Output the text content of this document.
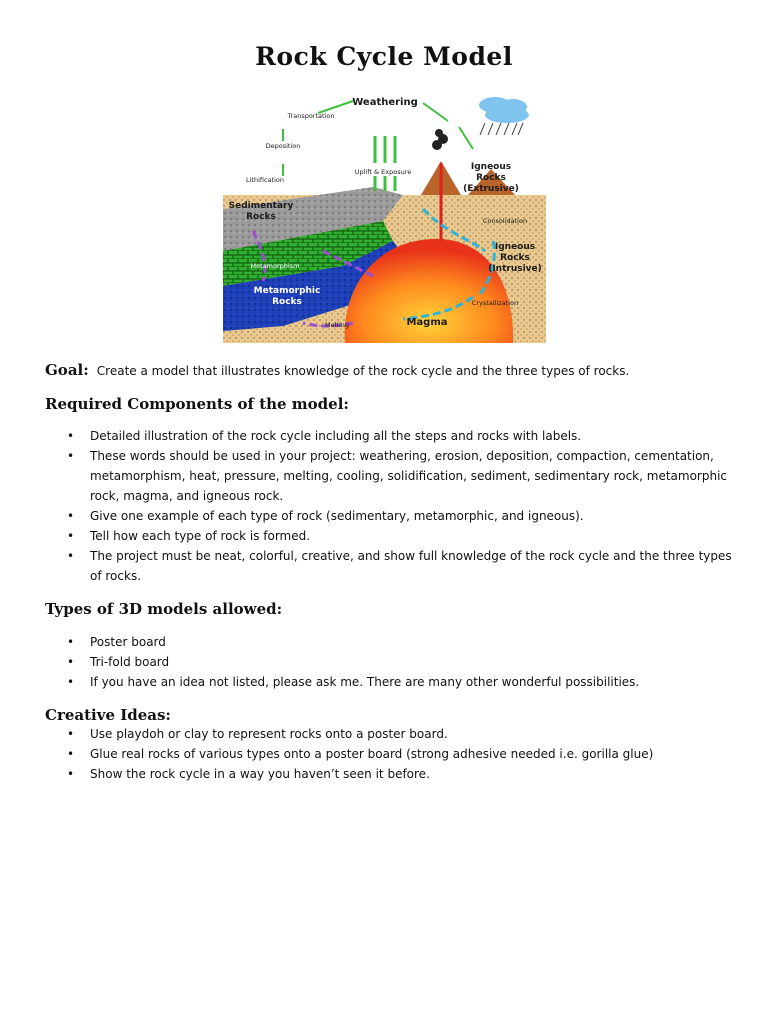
Rock Cycle Model
Weathering
Transportation
Deposition
Lithification
Uplift & Exposure	Igneous
Rocks
(Extrusive)
Sedimentary
Rocks	Consolidation
Metamorphism
Igneous
Rocks
(Intrusive)
Metamorphic
Rocks	Crystallization
Melting	Magma
Goal: Create a model that illustrates knowledge of the rock cycle and the three types of rocks.
Required Components of the model:
• Detailed illustration of the rock cycle including all the steps and rocks with labels.
• These words should be used in your project: weathering, erosion, deposition, compaction, cementation, metamorphism, heat, pressure, melting, cooling, solidification, sediment, sedimentary rock, metamorphic rock, magma, and igneous rock.
• Give one example of each type of rock (sedimentary, metamorphic, and igneous).
• Tell how each type of rock is formed.
• The project must be neat, colorful, creative, and show full knowledge of the rock cycle and the three types of rocks.
Types of 3D models allowed:
• Poster board
• Tri-fold board
• If you have an idea not listed, please ask me. There are many other wonderful possibilities.
Creative Ideas:
• Use playdoh or clay to represent rocks onto a poster board.
• Glue real rocks of various types onto a poster board (strong adhesive needed i.e. gorilla glue)
• Show the rock cycle in a way you haven’t seen it before.
